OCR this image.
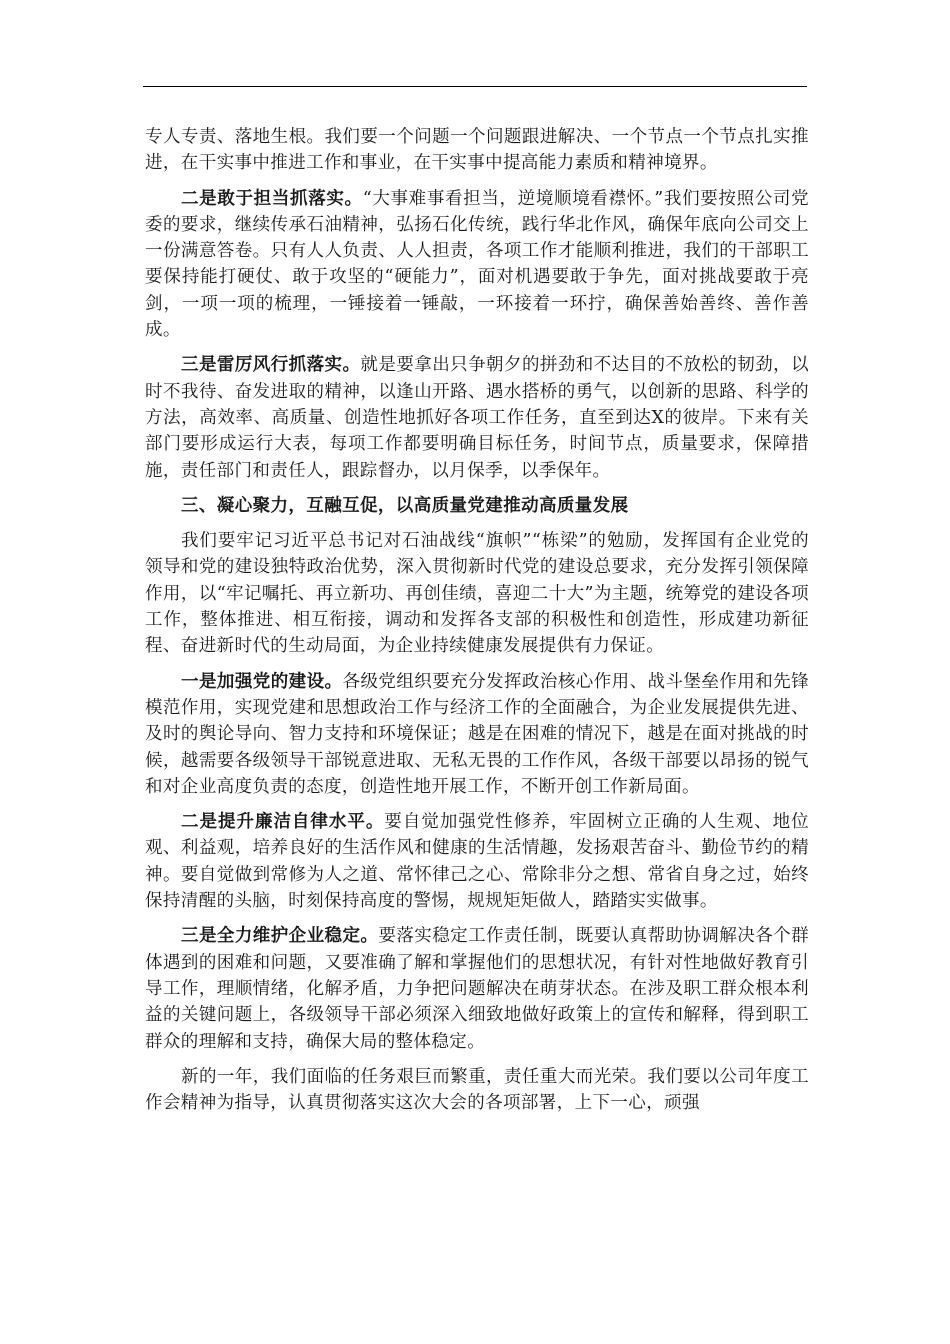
专人专责、落地生根。我们要一个问题一个问题跟进解决、一个节点一个节点扎实推进，在干实事中推进工作和事业，在干实事中提高能力素质和精神境界。

二是敢于担当抓落实。“大事难事看担当，逆境顺境看襟怀。”我们要按照公司党委的要求，继续传承石油精神，弘扬石化传统，践行华北作风，确保年底向公司交上一份满意答卷。只有人人负责、人人担责，各项工作才能顺利推进，我们的干部职工要保持能打硬仗、敢于攻坚的“硬能力”，面对机遇要敢于争先，面对挑战要敢于亮剑，一项一项的梳理，一锤接着一锤敲，一环接着一环拧，确保善始善终、善作善成。

三是雷厉风行抓落实。就是要拿出只争朝夕的拼劲和不达目的不放松的韧劲，以时不我待、奋发进取的精神，以逢山开路、遇水搭桥的勇气，以创新的思路、科学的方法，高效率、高质量、创造性地抓好各项工作任务，直至到达X的彼岸。下来有关部门要形成运行大表，每项工作都要明确目标任务，时间节点，质量要求，保障措施，责任部门和责任人，跟踪督办，以月保季，以季保年。

三、凝心聚力，互融互促，以高质量党建推动高质量发展

我们要牢记习近平总书记对石油战线“旗帜”“栋梁”的勉励，发挥国有企业党的领导和党的建设独特政治优势，深入贯彻新时代党的建设总要求，充分发挥引领保障作用，以“牢记嘱托、再立新功、再创佳绩，喜迎二十大”为主题，统筹党的建设各项工作，整体推进、相互衔接，调动和发挥各支部的积极性和创造性，形成建功新征程、奋进新时代的生动局面，为企业持续健康发展提供有力保证。

一是加强党的建设。各级党组织要充分发挥政治核心作用、战斗堡垒作用和先锋模范作用，实现党建和思想政治工作与经济工作的全面融合，为企业发展提供先进、及时的舆论导向、智力支持和环境保证；越是在困难的情况下，越是在面对挑战的时候，越需要各级领导干部锐意进取、无私无畏的工作作风，各级干部要以昂扬的锐气和对企业高度负责的态度，创造性地开展工作，不断开创工作新局面。

二是提升廉洁自律水平。要自觉加强党性修养，牢固树立正确的人生观、地位观、利益观，培养良好的生活作风和健康的生活情趣，发扬艰苦奋斗、勤俭节约的精神。要自觉做到常修为人之道、常怀律己之心、常除非分之想、常省自身之过，始终保持清醒的头脑，时刻保持高度的警惕，规规矩矩做人，踏踏实实做事。

三是全力维护企业稳定。要落实稳定工作责任制，既要认真帮助协调解决各个群体遇到的困难和问题，又要准确了解和掌握他们的思想状况，有针对性地做好教育引导工作，理顺情绪，化解矛盾，力争把问题解决在萌芽状态。在涉及职工群众根本利益的关键问题上，各级领导干部必须深入细致地做好政策上的宣传和解释，得到职工群众的理解和支持，确保大局的整体稳定。

新的一年，我们面临的任务艰巨而繁重，责任重大而光荣。我们要以公司年度工作会精神为指导，认真贯彻落实这次大会的各项部署，上下一心，顽强
